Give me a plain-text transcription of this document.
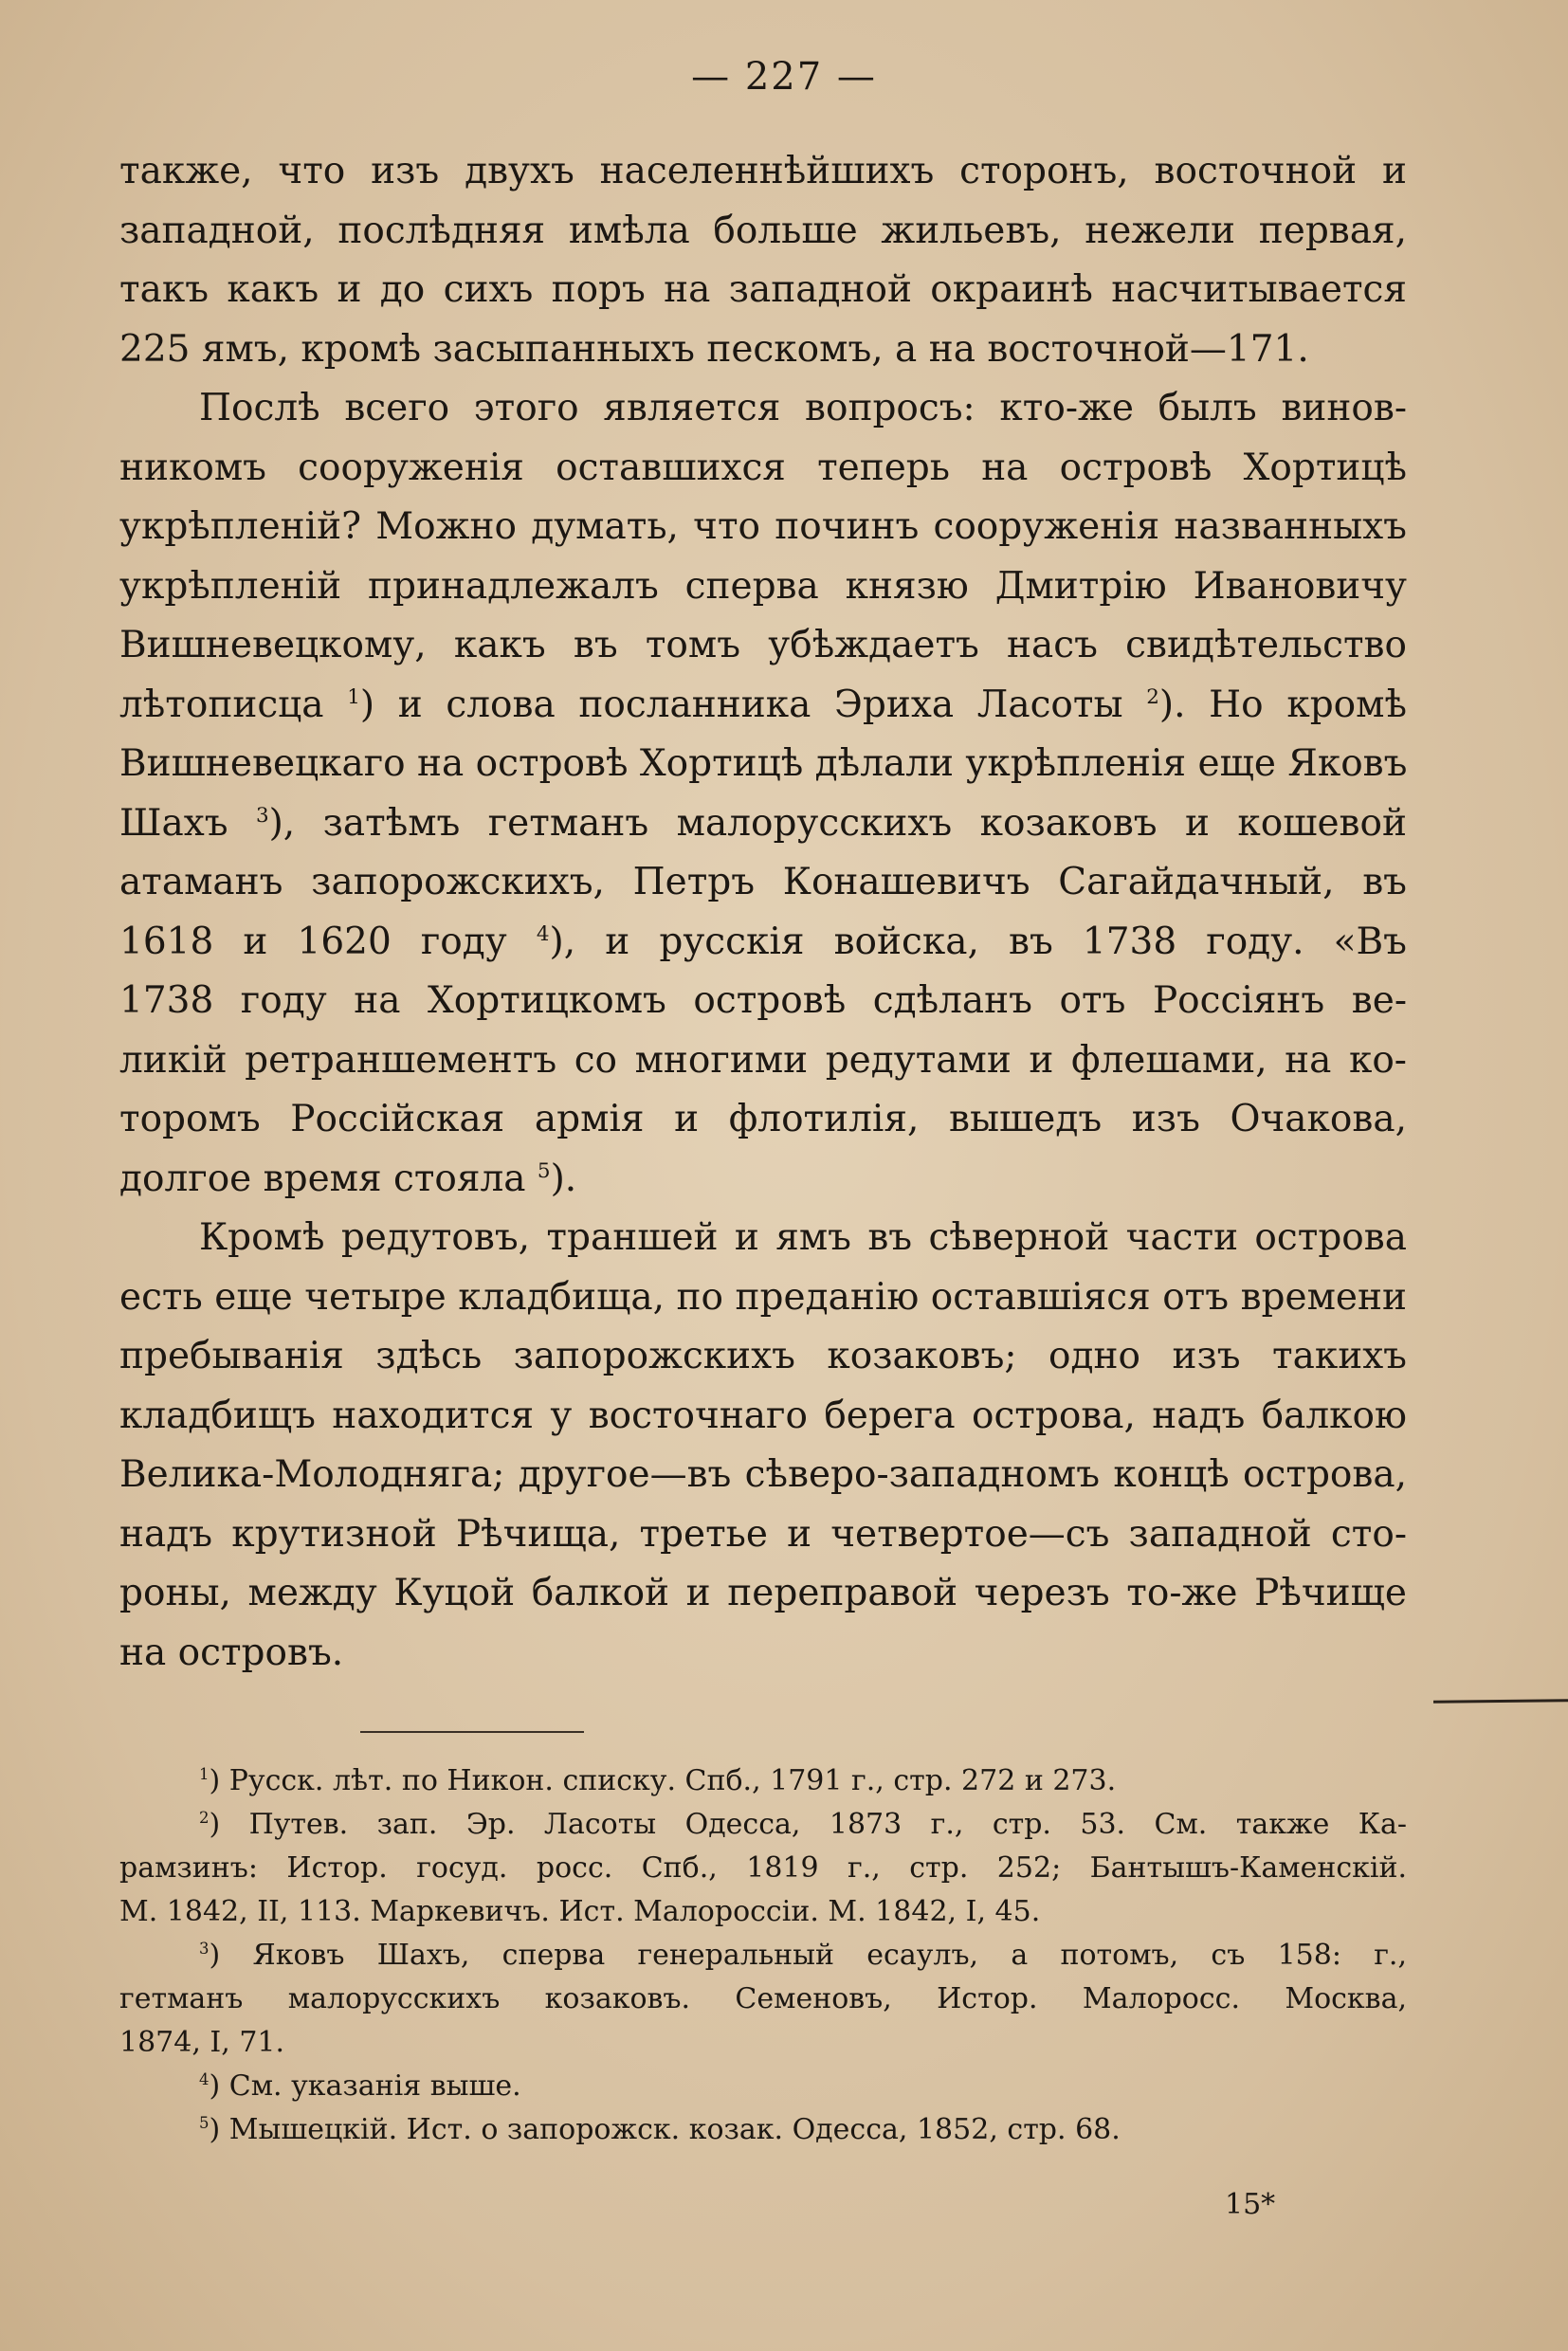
— 227 —
также, что изъ двухъ населеннѣйшихъ сторонъ, восточной и
западной, послѣдняя имѣла больше жильевъ, нежели первая,
такъ какъ и до сихъ поръ на западной окраинѣ насчитывается
225 ямъ, кромѣ засыпанныхъ пескомъ, а на восточной—171.
Послѣ всего этого является вопросъ: кто-же былъ винов-
никомъ сооруженія оставшихся теперь на островѣ Хортицѣ
укрѣпленій? Можно думать, что починъ сооруженія названныхъ
укрѣпленій принадлежалъ сперва князю Дмитрію Ивановичу
Вишневецкому, какъ въ томъ убѣждаетъ насъ свидѣтельство
лѣтописца $^1$) и слова посланника Эриха Ласоты $^2$). Но кромѣ
Вишневецкаго на островѣ Хортицѣ дѣлали укрѣпленія еще Яковъ
Шахъ $^3$), затѣмъ гетманъ малорусскихъ козаковъ и кошевой
атаманъ запорожскихъ, Петръ Конашевичъ Сагайдачный, въ
1618 и 1620 году $^4$), и русскія войска, въ 1738 году. «Въ
1738 году на Хортицкомъ островѣ сдѣланъ отъ Россіянъ ве-
ликій ретраншементъ со многими редутами и флешами, на ко-
торомъ Россійская армія и флотилія, вышедъ изъ Очакова,
долгое время стояла $^5$).
Кромѣ редутовъ, траншей и ямъ въ сѣверной части острова
есть еще четыре кладбища, по преданію оставшіяся отъ времени
пребыванія здѣсь запорожскихъ козаковъ; одно изъ такихъ
кладбищъ находится у восточнаго берега острова, надъ балкою
Велика-Молодняга; другое—въ сѣверо-западномъ концѣ острова,
надъ крутизной Рѣчища, третье и четвертое—съ западной сто-
роны, между Куцой балкой и переправой черезъ то-же Рѣчище
на островъ.
$^1$) Русск. лѣт. по Никон. списку. Спб., 1791 г., стр. 272 и 273.
$^2$) Путев. зап. Эр. Ласоты Одесса, 1873 г., стр. 53. См. также Ка-
рамзинъ: Истор. госуд. росс. Спб., 1819 г., стр. 252; Бантышъ-Каменскій.
М. 1842, II, 113. Маркевичъ. Ист. Малороссіи. М. 1842, I, 45.
$^3$) Яковъ Шахъ, сперва генеральный есаулъ, а потомъ, съ 158: г.,
гетманъ малорусскихъ козаковъ. Семеновъ, Истор. Малоросс. Москва,
1874, I, 71.
$^4$) См. указанія выше.
$^5$) Мышецкій. Ист. о запорожск. козак. Одесса, 1852, стр. 68.
15*
